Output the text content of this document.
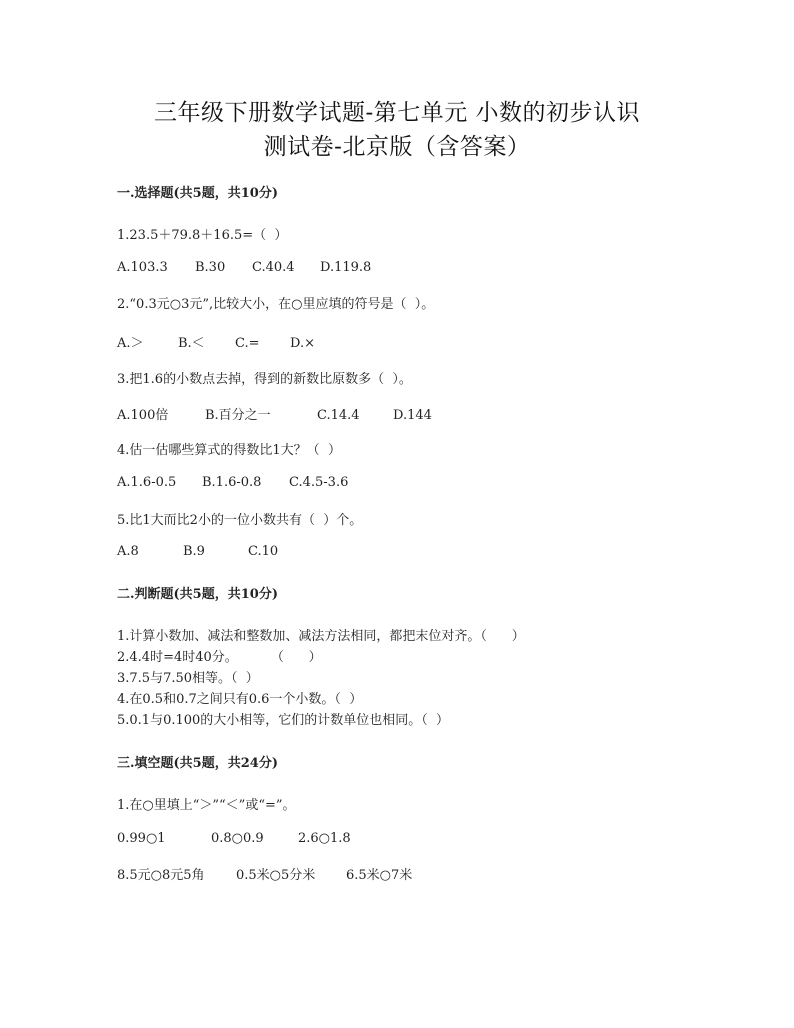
三年级下册数学试题-第七单元 小数的初步认识
测试卷-北京版（含答案）
一.选择题(共5题，共10分)
1.23.5＋79.8＋16.5=（  ）
A.103.3 B.30 C.40.4 D.119.8
2.“0.3元○3元”,比较大小，在○里应填的符号是（  ）。
A.＞	B.＜ C.= D.×
3.把1.6的小数点去掉，得到的新数比原数多（  ）。
A.100倍	B.百分之一	C.14.4	D.144
4.估一估哪些算式的得数比1大？（  ）
A.1.6-0.5 B.1.6-0.8 C.4.5-3.6
5.比1大而比2小的一位小数共有（  ）个。
A.8	B.9	C.10
二.判断题(共5题，共10分)
1.计算小数加、减法和整数加、减法方法相同，都把末位对齐。（      ）
2.4.4时=4时40分。        （      ）
3.7.5与7.50相等。（  ）
4.在0.5和0.7之间只有0.6一个小数。（  ）
5.0.1与0.100的大小相等，它们的计数单位也相同。（  ）
三.填空题(共5题，共24分)
1.在○里填上“＞”“＜”或“=”。
0.99○1	0.8○0.9	2.6○1.8
8.5元○8元5角 0.5米○5分米 6.5米○7米
